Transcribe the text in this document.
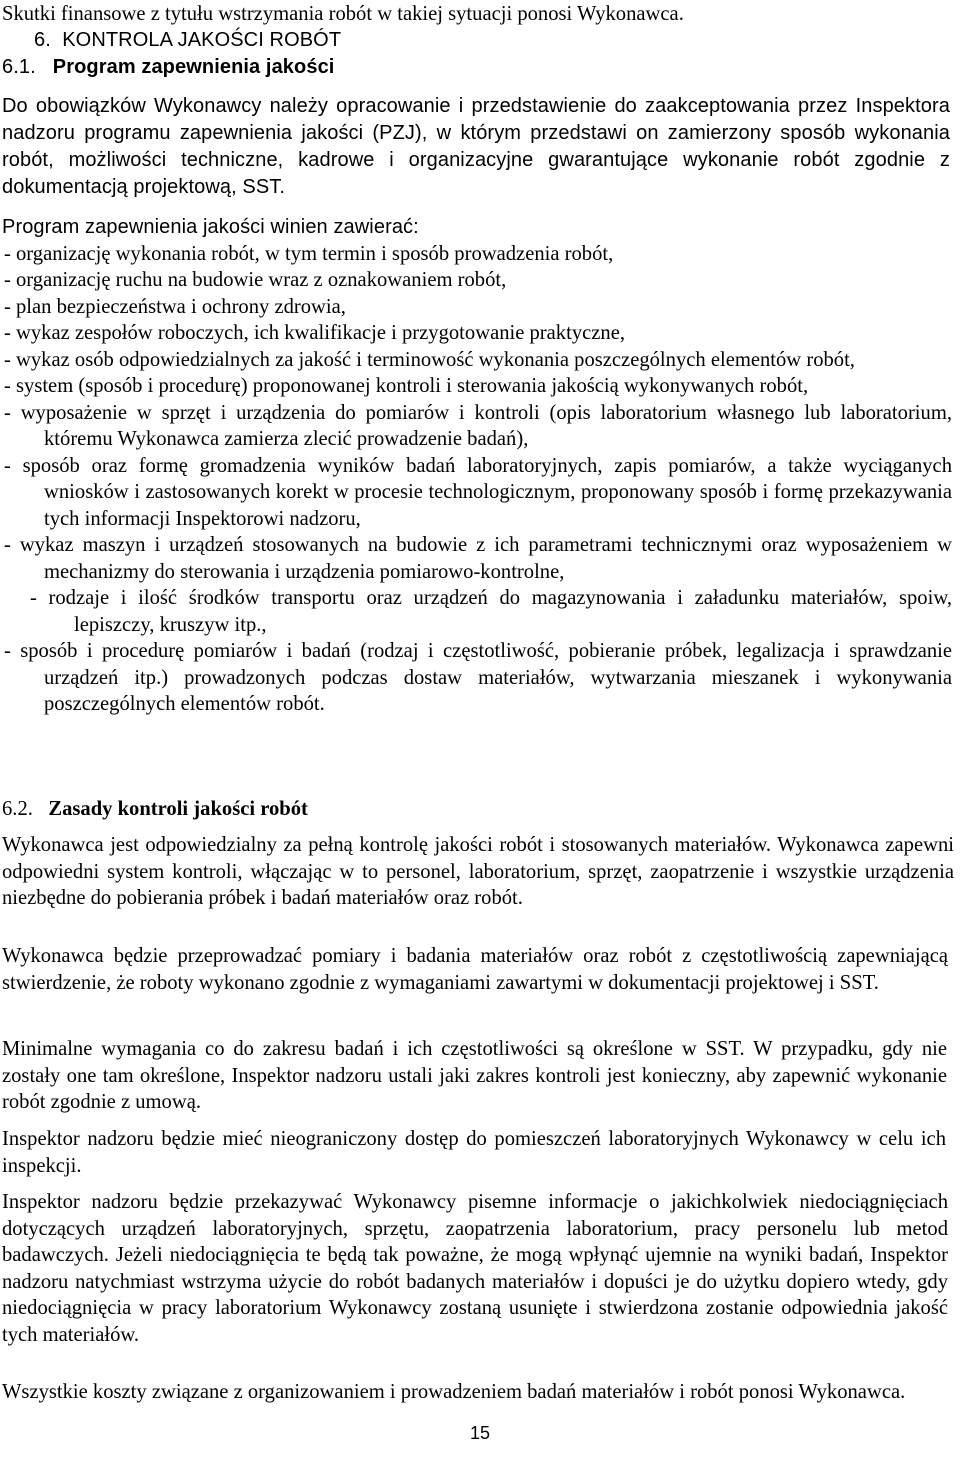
Skutki finansowe z tytułu wstrzymania robót w takiej sytuacji ponosi Wykonawca.

6. KONTROLA JAKOŚCI ROBÓT

6.1. Program zapewnienia jakości

Do obowiązków Wykonawcy należy opracowanie i przedstawienie do zaakceptowania przez Inspektora nadzoru programu zapewnienia jakości (PZJ), w którym przedstawi on zamierzony sposób wykonania robót, możliwości techniczne, kadrowe i organizacyjne gwarantujące wykonanie robót zgodnie z dokumentacją projektową, SST.

Program zapewnienia jakości winien zawierać:
- organizację wykonania robót, w tym termin i sposób prowadzenia robót,
- organizację ruchu na budowie wraz z oznakowaniem robót,
- plan bezpieczeństwa i ochrony zdrowia,
- wykaz zespołów roboczych, ich kwalifikacje i przygotowanie praktyczne,
- wykaz osób odpowiedzialnych za jakość i terminowość wykonania poszczególnych elementów robót,
- system (sposób i procedurę) proponowanej kontroli i sterowania jakością wykonywanych robót,
- wyposażenie w sprzęt i urządzenia do pomiarów i kontroli (opis laboratorium własnego lub laboratorium, któremu Wykonawca zamierza zlecić prowadzenie badań),
- sposób oraz formę gromadzenia wyników badań laboratoryjnych, zapis pomiarów, a także wyciąganych wniosków i zastosowanych korekt w procesie technologicznym, proponowany sposób i formę przekazywania tych informacji Inspektorowi nadzoru,
- wykaz maszyn i urządzeń stosowanych na budowie z ich parametrami technicznymi oraz wyposażeniem w mechanizmy do sterowania i urządzenia pomiarowo-kontrolne,
- rodzaje i ilość środków transportu oraz urządzeń do magazynowania i załadunku materiałów, spoiw, lepiszczy, kruszyw itp.,
- sposób i procedurę pomiarów i badań (rodzaj i częstotliwość, pobieranie próbek, legalizacja i sprawdzanie urządzeń itp.) prowadzonych podczas dostaw materiałów, wytwarzania mieszanek i wykonywania poszczególnych elementów robót.

6.2. Zasady kontroli jakości robót

Wykonawca jest odpowiedzialny za pełną kontrolę jakości robót i stosowanych materiałów. Wykonawca zapewni odpowiedni system kontroli, włączając w to personel, laboratorium, sprzęt, zaopatrzenie i wszystkie urządzenia niezbędne do pobierania próbek i badań materiałów oraz robót.

Wykonawca będzie przeprowadzać pomiary i badania materiałów oraz robót z częstotliwością zapewniającą stwierdzenie, że roboty wykonano zgodnie z wymaganiami zawartymi w dokumentacji projektowej i SST.

Minimalne wymagania co do zakresu badań i ich częstotliwości są określone w SST. W przypadku, gdy nie zostały one tam określone, Inspektor nadzoru ustali jaki zakres kontroli jest konieczny, aby zapewnić wykonanie robót zgodnie z umową.

Inspektor nadzoru będzie mieć nieograniczony dostęp do pomieszczeń laboratoryjnych Wykonawcy w celu ich inspekcji.

Inspektor nadzoru będzie przekazywać Wykonawcy pisemne informacje o jakichkolwiek niedociągnięciach dotyczących urządzeń laboratoryjnych, sprzętu, zaopatrzenia laboratorium, pracy personelu lub metod badawczych. Jeżeli niedociągnięcia te będą tak poważne, że mogą wpłynąć ujemnie na wyniki badań, Inspektor nadzoru natychmiast wstrzyma użycie do robót badanych materiałów i dopuści je do użytku dopiero wtedy, gdy niedociągnięcia w pracy laboratorium Wykonawcy zostaną usunięte i stwierdzona zostanie odpowiednia jakość tych materiałów.

Wszystkie koszty związane z organizowaniem i prowadzeniem badań materiałów i robót ponosi Wykonawca.

15
